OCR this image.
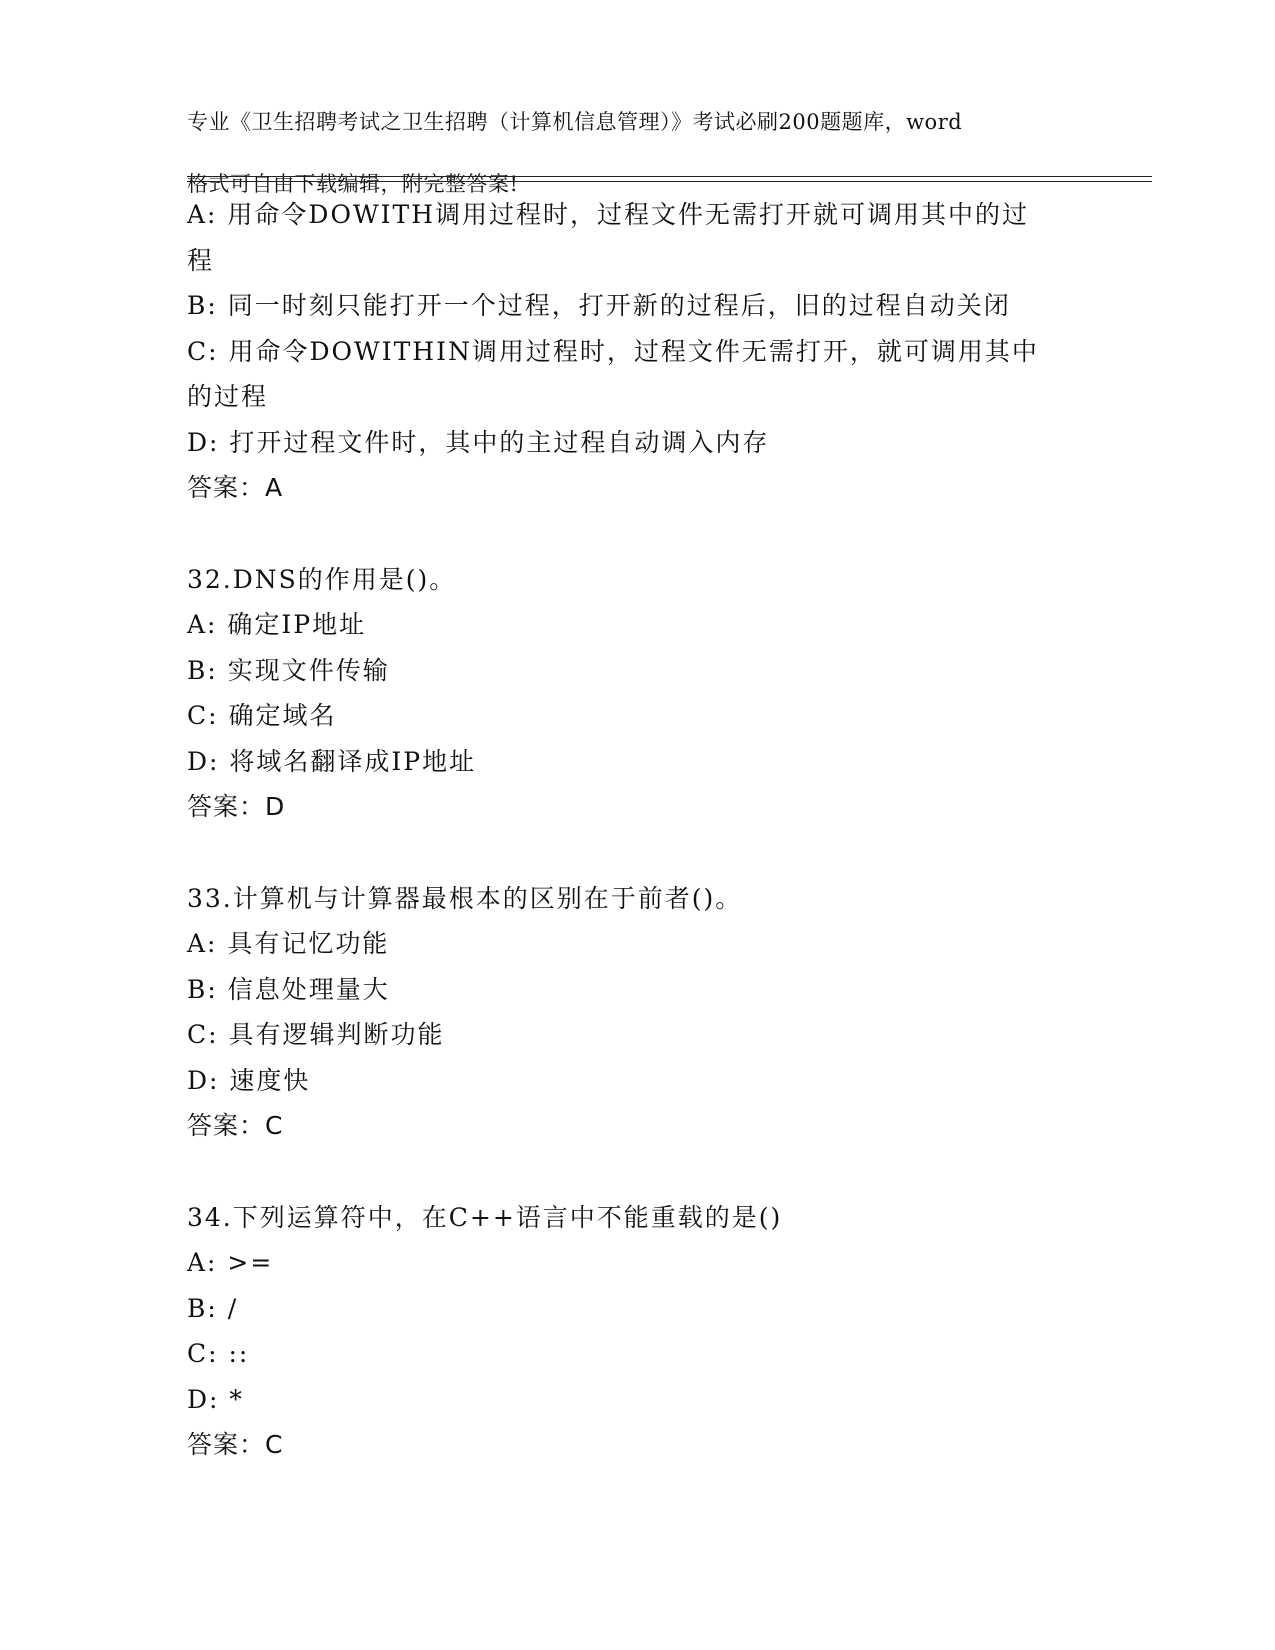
专业《卫生招聘考试之卫生招聘（计算机信息管理）》考试必刷200题题库，word

格式可自由下载编辑，附完整答案!

A: 用命令DOWITH调用过程时，过程文件无需打开就可调用其中的过
程
B: 同一时刻只能打开一个过程，打开新的过程后，旧的过程自动关闭
C: 用命令DOWITHIN调用过程时，过程文件无需打开，就可调用其中
的过程
D: 打开过程文件时，其中的主过程自动调入内存
答案：A
32.DNS的作用是()。
A: 确定IP地址
B: 实现文件传输
C: 确定域名
D: 将域名翻译成IP地址
答案：D
33.计算机与计算器最根本的区别在于前者()。
A: 具有记忆功能
B: 信息处理量大
C: 具有逻辑判断功能
D: 速度快
答案：C
34.下列运算符中，在C++语言中不能重载的是()
A: >=
B: /
C: ::
D: *
答案：C
